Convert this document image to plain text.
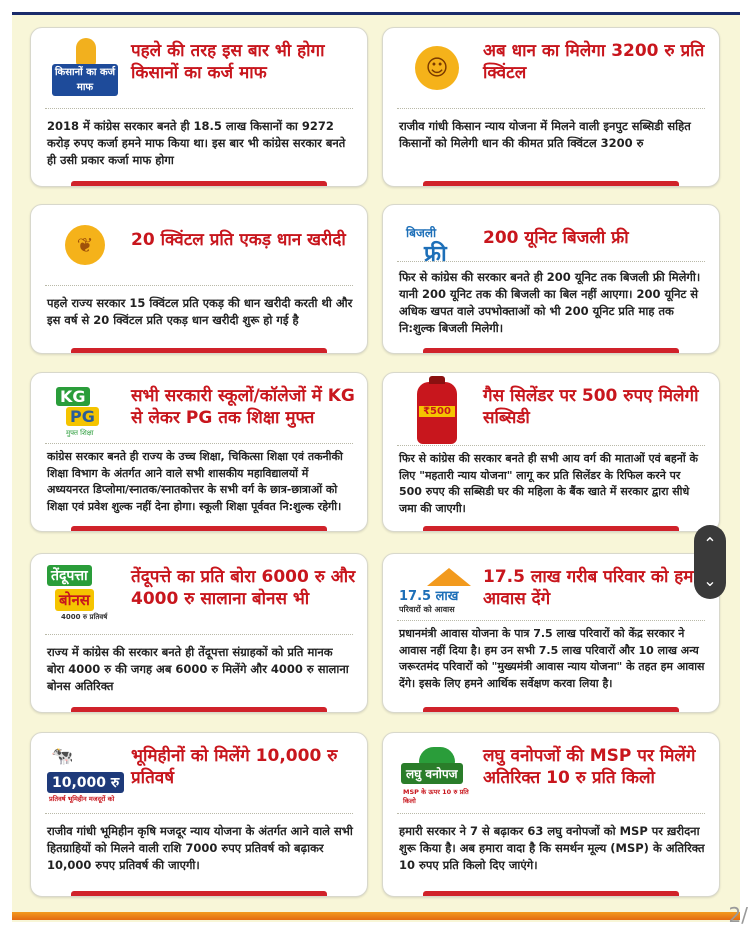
किसानों का कर्ज माफ
पहले की तरह इस बार भी होगा किसानों का कर्ज माफ
2018 में कांग्रेस सरकार बनते ही 18.5 लाख किसानों का 9272 करोड़ रुपए कर्जा हमने माफ किया था। इस बार भी कांग्रेस सरकार बनते ही उसी प्रकार कर्जा माफ होगा
☺
अब धान का मिलेगा 3200 रु प्रति क्विंटल
राजीव गांधी किसान न्याय योजना में मिलने वाली इनपुट सब्सिडी सहित किसानों को मिलेगी धान की कीमत प्रति क्विंटल 3200 रु
❦	20 क्विंटल प्रति एकड़ धान खरीदी
पहले राज्य सरकार 15 क्विंटल प्रति एकड़ की धान खरीदी करती थी और इस वर्ष से 20 क्विंटल प्रति एकड़ धान खरीदी शुरू हो गई है
बिजली
फ्री
200 यूनिट बिजली फ्री
फिर से कांग्रेस की सरकार बनते ही 200 यूनिट तक बिजली फ्री मिलेगी। यानी 200 यूनिट तक की बिजली का बिल नहीं आएगा। 200 यूनिट से अधिक खपत वाले उपभोक्ताओं को भी 200 यूनिट प्रति माह तक नि:शुल्क बिजली मिलेगी।
KG
PG
मुफ्त शिक्षा
सभी सरकारी स्कूलों/कॉलेजों में KG से लेकर PG तक शिक्षा मुफ्त
कांग्रेस सरकार बनते ही राज्य के उच्च शिक्षा, चिकित्सा शिक्षा एवं तकनीकी शिक्षा विभाग के अंतर्गत आने वाले सभी शासकीय महाविद्यालयों में अध्ययनरत डिप्लोमा/स्नातक/स्नातकोत्तर के सभी वर्ग के छात्र-छात्राओं को शिक्षा एवं प्रवेश शुल्क नहीं देना होगा। स्कूली शिक्षा पूर्ववत नि:शुल्क रहेगी।
₹500
गैस सिलेंडर पर 500 रुपए मिलेगी सब्सिडी
फिर से कांग्रेस की सरकार बनते ही सभी आय वर्ग की माताओं एवं बहनों के लिए "महतारी न्याय योजना" लागू कर प्रति सिलेंडर के रिफिल करने पर 500 रुपए की सब्सिडी घर की महिला के बैंक खाते में सरकार द्वारा सीधे जमा की जाएगी।
तेंदूपत्ता
बोनस
4000 रु प्रतिवर्ष
तेंदूपत्ते का प्रति बोरा 6000 रु और 4000 रु सालाना बोनस भी
राज्य में कांग्रेस की सरकार बनते ही तेंदूपत्ता संग्राहकों को प्रति मानक बोरा 4000 रु की जगह अब 6000 रु मिलेंगे और 4000 रु सालाना बोनस अतिरिक्त
17.5 लाख
परिवारों को आवास
17.5 लाख गरीब परिवार को हम आवास देंगे
प्रधानमंत्री आवास योजना के पात्र 7.5 लाख परिवारों को केंद्र सरकार ने आवास नहीं दिया है। हम उन सभी 7.5 लाख परिवारों और 10 लाख अन्य जरूरतमंद परिवारों को "मुख्यमंत्री आवास न्याय योजना" के तहत हम आवास देंगे। इसके लिए हमने आर्थिक सर्वेक्षण करवा लिया है।
🐄
10,000 रु
प्रतिवर्ष भूमिहीन मजदूरों को
भूमिहीनों को मिलेंगे 10,000 रु प्रतिवर्ष
राजीव गांधी भूमिहीन कृषि मजदूर न्याय योजना के अंतर्गत आने वाले सभी हितग्राहियों को मिलने वाली राशि 7000 रुपए प्रतिवर्ष को बढ़ाकर 10,000 रुपए प्रतिवर्ष की जाएगी।
लघु वनोपज
MSP के ऊपर 10 रु प्रति किलो
लघु वनोपजों की MSP पर मिलेंगे अतिरिक्त 10 रु प्रति किलो
हमारी सरकार ने 7 से बढ़ाकर 63 लघु वनोपजों को MSP पर ख़रीदना शुरू किया है। अब हमारा वादा है कि समर्थन मूल्य (MSP) के अतिरिक्त 10 रुपए प्रति किलो दिए जाएंगे।
⌃
⌄
2/
